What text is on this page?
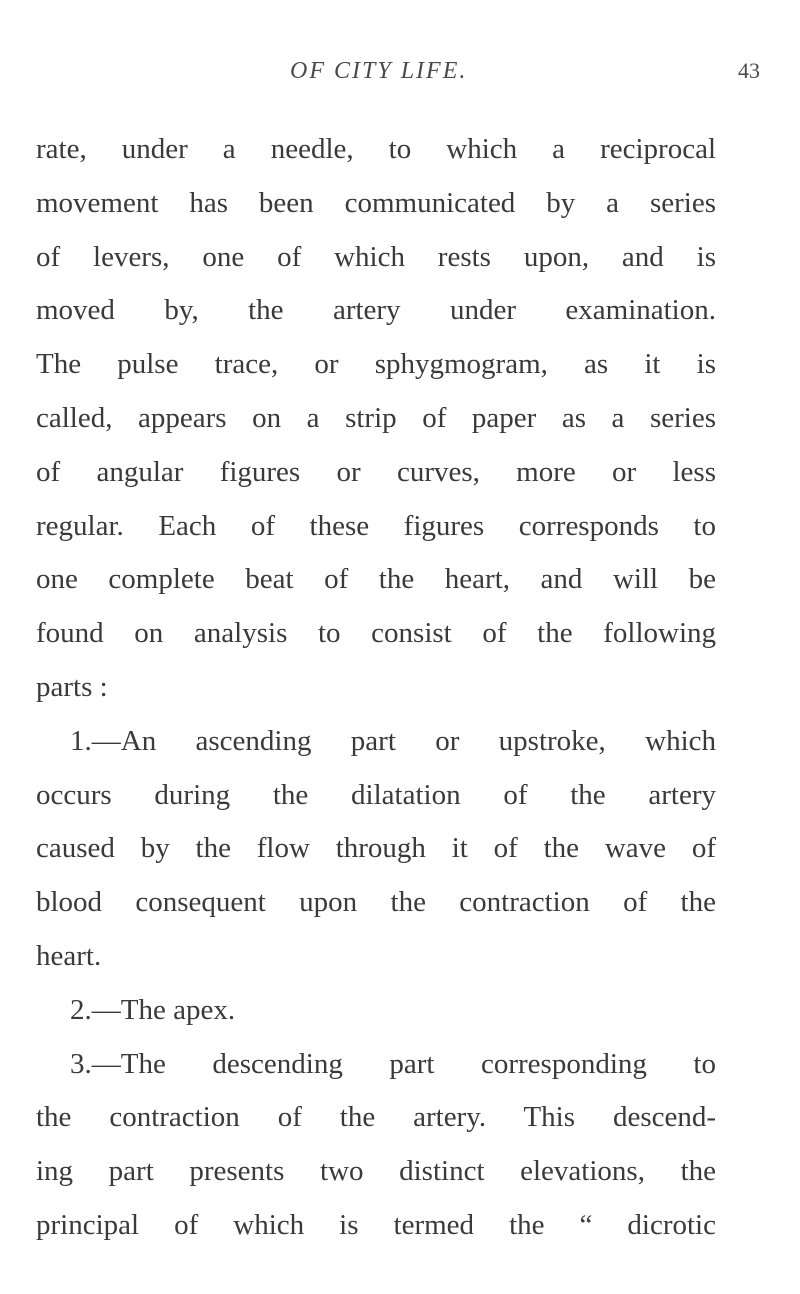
OF CITY LIFE.	43
rate, under a needle, to which a reciprocal
movement has been communicated by a series
of levers, one of which rests upon, and is
moved by, the artery under examination.
The pulse trace, or sphygmogram, as it is
called, appears on a strip of paper as a series
of angular figures or curves, more or less
regular. Each of these figures corresponds to
one complete beat of the heart, and will be
found on analysis to consist of the following
parts :
1.—An ascending part or upstroke, which
occurs during the dilatation of the artery
caused by the flow through it of the wave of
blood consequent upon the contraction of the
heart.
2.—The apex.
3.—The descending part corresponding to
the contraction of the artery. This descend-
ing part presents two distinct elevations, the
principal of which is termed the “ dicrotic
